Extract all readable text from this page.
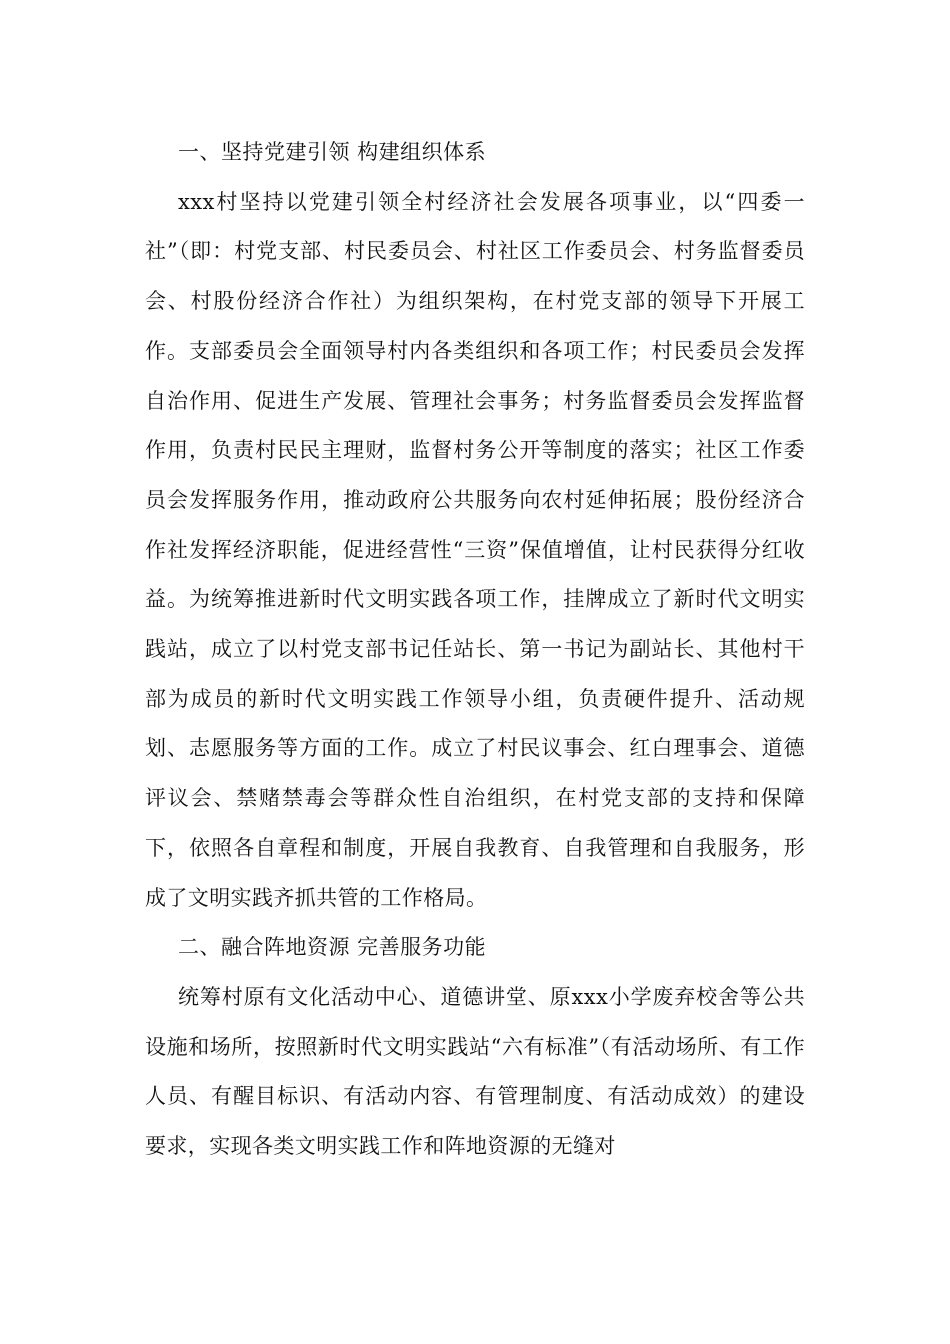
一、坚持党建引领 构建组织体系

xxx村坚持以党建引领全村经济社会发展各项事业，以“四委一社”（即：村党支部、村民委员会、村社区工作委员会、村务监督委员会、村股份经济合作社）为组织架构，在村党支部的领导下开展工作。支部委员会全面领导村内各类组织和各项工作；村民委员会发挥自治作用、促进生产发展、管理社会事务；村务监督委员会发挥监督作用，负责村民民主理财，监督村务公开等制度的落实；社区工作委员会发挥服务作用，推动政府公共服务向农村延伸拓展；股份经济合作社发挥经济职能，促进经营性“三资”保值增值，让村民获得分红收益。为统筹推进新时代文明实践各项工作，挂牌成立了新时代文明实践站，成立了以村党支部书记任站长、第一书记为副站长、其他村干部为成员的新时代文明实践工作领导小组，负责硬件提升、活动规划、志愿服务等方面的工作。成立了村民议事会、红白理事会、道德评议会、禁赌禁毒会等群众性自治组织，在村党支部的支持和保障下，依照各自章程和制度，开展自我教育、自我管理和自我服务，形成了文明实践齐抓共管的工作格局。

二、融合阵地资源 完善服务功能

统筹村原有文化活动中心、道德讲堂、原xxx小学废弃校舍等公共设施和场所，按照新时代文明实践站“六有标准”（有活动场所、有工作人员、有醒目标识、有活动内容、有管理制度、有活动成效）的建设要求，实现各类文明实践工作和阵地资源的无缝对
